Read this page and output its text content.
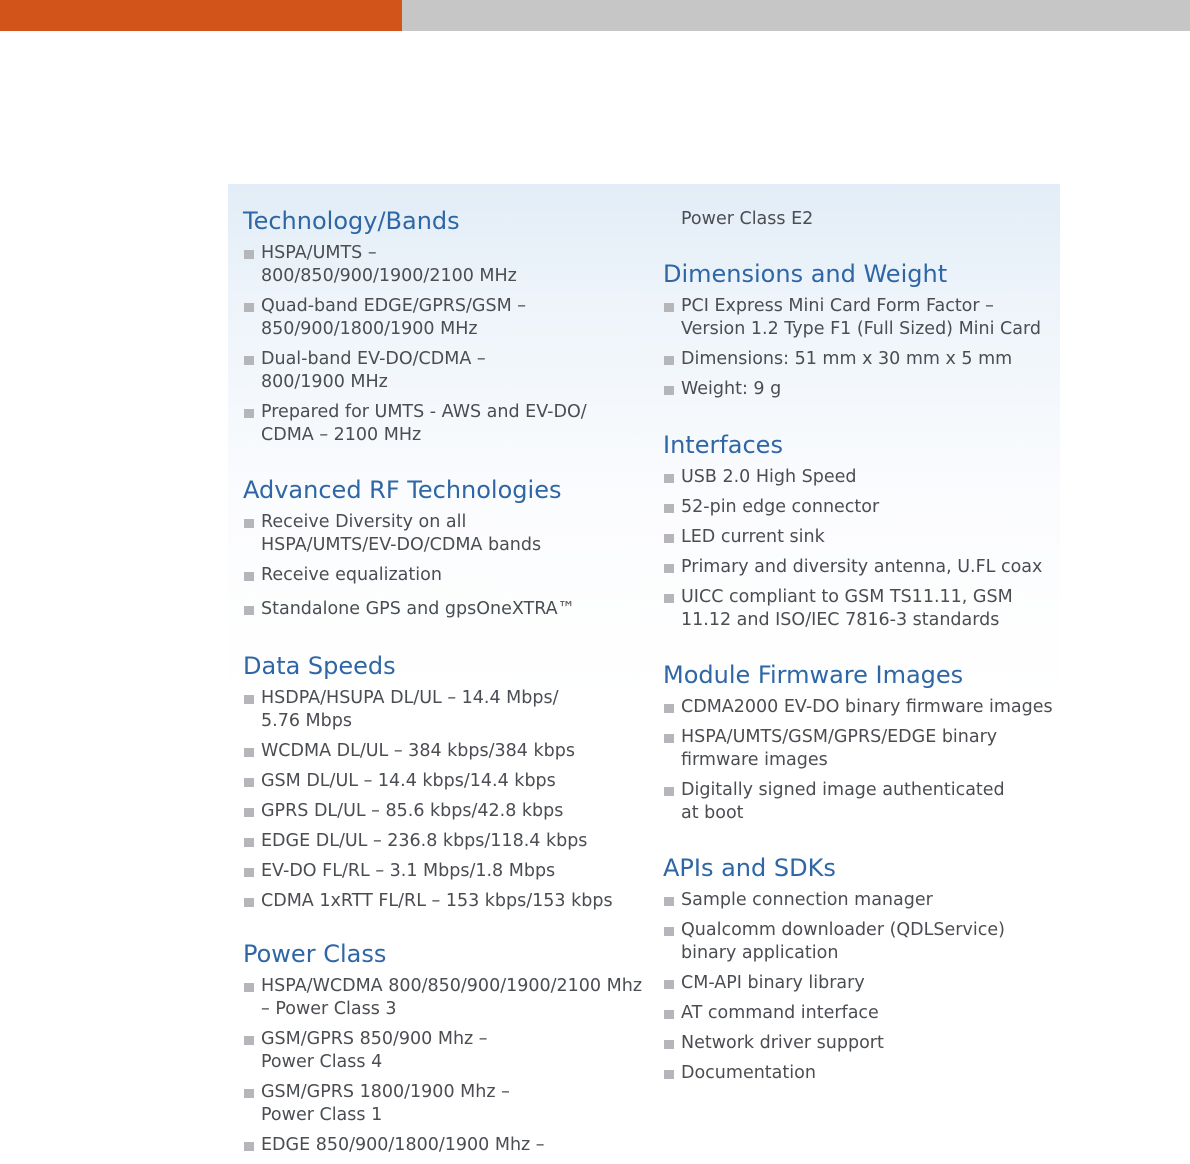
Technology/Bands
HSPA/UMTS –
800/850/900/1900/2100 MHz
Quad-band EDGE/GPRS/GSM –
850/900/1800/1900 MHz
Dual-band EV-DO/CDMA –
800/1900 MHz
Prepared for UMTS - AWS and EV-DO/
CDMA – 2100 MHz
Advanced RF Technologies
Receive Diversity on all
HSPA/UMTS/EV-DO/CDMA bands
Receive equalization
Standalone GPS and gpsOneXTRA™
Data Speeds
HSDPA/HSUPA DL/UL – 14.4 Mbps/
5.76 Mbps
WCDMA DL/UL – 384 kbps/384 kbps
GSM DL/UL – 14.4 kbps/14.4 kbps
GPRS DL/UL – 85.6 kbps/42.8 kbps
EDGE DL/UL – 236.8 kbps/118.4 kbps
EV-DO FL/RL – 3.1 Mbps/1.8 Mbps
CDMA 1xRTT FL/RL – 153 kbps/153 kbps
Power Class
HSPA/WCDMA 800/850/900/1900/2100 Mhz
– Power Class 3
GSM/GPRS 850/900 Mhz –
Power Class 4
GSM/GPRS 1800/1900 Mhz –
Power Class 1
EDGE 850/900/1800/1900 Mhz –
Power Class E2
Dimensions and Weight
PCI Express Mini Card Form Factor –
Version 1.2 Type F1 (Full Sized) Mini Card
Dimensions: 51 mm x 30 mm x 5 mm
Weight: 9 g
Interfaces
USB 2.0 High Speed
52-pin edge connector
LED current sink
Primary and diversity antenna, U.FL coax
UICC compliant to GSM TS11.11, GSM
11.12 and ISO/IEC 7816-3 standards
Module Firmware Images
CDMA2000 EV-DO binary firmware images
HSPA/UMTS/GSM/GPRS/EDGE binary
firmware images
Digitally signed image authenticated
at boot
APIs and SDKs
Sample connection manager
Qualcomm downloader (QDLService)
binary application
CM-API binary library
AT command interface
Network driver support
Documentation
